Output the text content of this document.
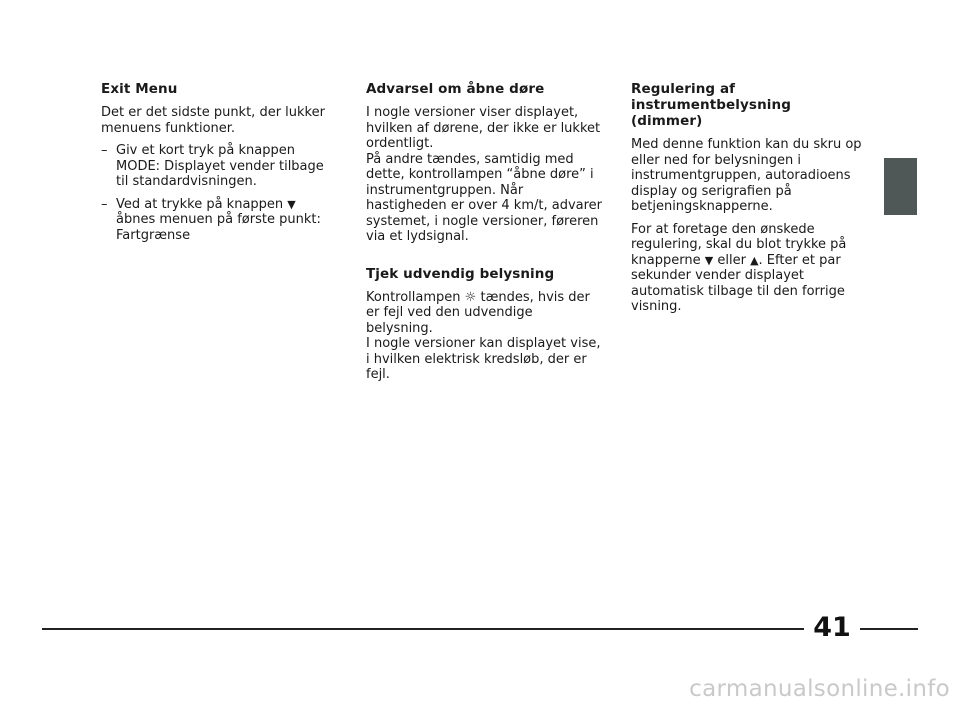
Exit Menu

Det er det sidste punkt, der lukker menuens funktioner.

– Giv et kort tryk på knappen MODE: Displayet vender tilbage til standardvisningen.
– Ved at trykke på knappen ▼ åbnes menuen på første punkt: Fartgrænse
Advarsel om åbne døre

I nogle versioner viser displayet, hvilken af dørene, der ikke er lukket ordentligt.

På andre tændes, samtidig med dette, kontrollampen “åbne døre” i instrumentgruppen. Når hastigheden er over 4 km/t, advarer systemet, i nogle versioner, føreren via et lydsignal.

Tjek udvendig belysning

Kontrollampen ☼ tændes, hvis der er fejl ved den udvendige belysning.

I nogle versioner kan displayet vise, i hvilken elektrisk kredsløb, der er fejl.

Regulering af instrumentbelysning (dimmer)

Med denne funktion kan du skru op eller ned for belysningen i instrumentgruppen, autoradioens display og serigrafien på betjeningsknapperne.

For at foretage den ønskede regulering, skal du blot trykke på knapperne ▼ eller ▲. Efter et par sekunder vender displayet automatisk tilbage til den forrige visning.

41
carmanualsonline.info
